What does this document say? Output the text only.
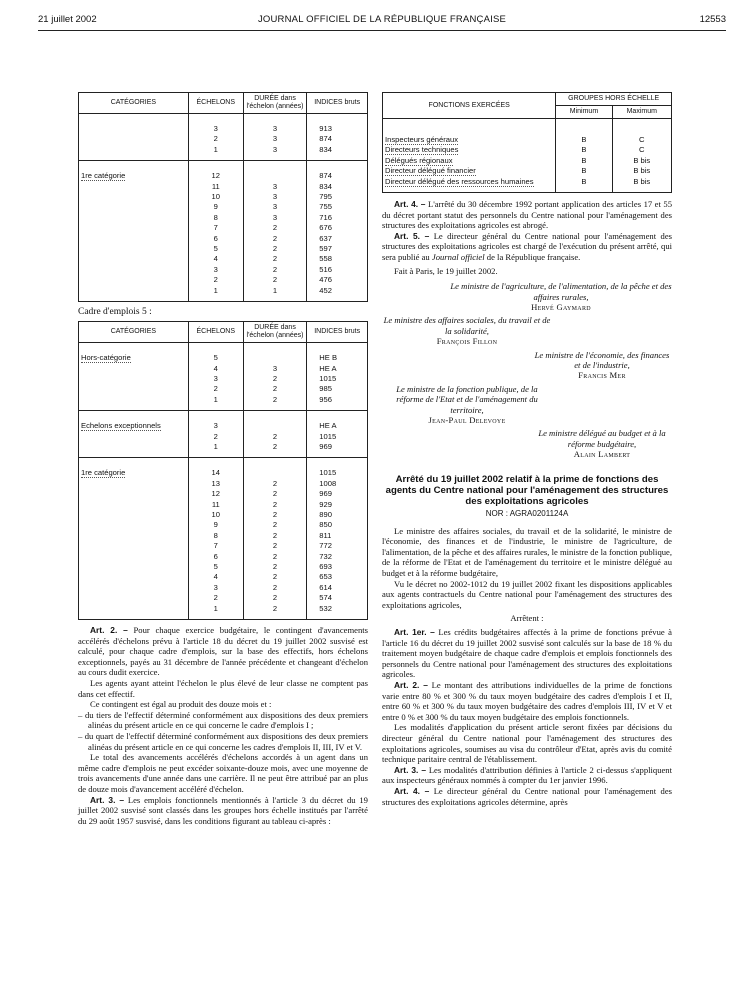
21 juillet 2002	JOURNAL OFFICIEL DE LA RÉPUBLIQUE FRANÇAISE	12553
CATÉGORIES	ÉCHELONS	DURÉE dans l'échelon (années)	INDICES bruts

	3	3	913
	2	3	874
	1	3	834

1re catégorie	12		874
	11	3	834
	10	3	795
	9	3	755
	8	3	716
	7	2	676
	6	2	637
	5	2	597
	4	2	558
	3	2	516
	2	2	476
	1	1	452

Cadre d'emplois 5 :
CATÉGORIES	ÉCHELONS	DURÉE dans l'échelon (années)	INDICES bruts

Hors-catégorie	5		HE B
	4	3	HE A
	3	2	1015
	2	2	985
	1	2	956

Echelons exceptionnels	3		HE A
	2	2	1015
	1	2	969

1re catégorie	14		1015
	13	2	1008
	12	2	969
	11	2	929
	10	2	890
	9	2	850
	8	2	811
	7	2	772
	6	2	732
	5	2	693
	4	2	653
	3	2	614
	2	2	574
	1	2	532

Art. 2. – Pour chaque exercice budgétaire, le contingent d'avancements accélérés d'échelons prévu à l'article 18 du décret du 19 juillet 2002 susvisé est calculé, pour chaque cadre d'emplois, sur la base des effectifs, hors échelons exceptionnels, payés au 31 décembre de l'année précédente et changeant d'échelon au cours dudit exercice.

Les agents ayant atteint l'échelon le plus élevé de leur classe ne comptent pas dans cet effectif.

Ce contingent est égal au produit des douze mois et :

– du tiers de l'effectif déterminé conformément aux dispositions des deux premiers alinéas du présent article en ce qui concerne le cadre d'emplois I ;

– du quart de l'effectif déterminé conformément aux dispositions des deux premiers alinéas du présent article en ce qui concerne les cadres d'emplois II, III, IV et V.

Le total des avancements accélérés d'échelons accordés à un agent dans un même cadre d'emplois ne peut excéder soixante-douze mois, avec une moyenne de trois avancements d'une année dans une carrière. Il ne peut être attribué par an plus de douze mois d'avancement accéléré d'échelon.

Art. 3. – Les emplois fonctionnels mentionnés à l'article 3 du décret du 19 juillet 2002 susvisé sont classés dans les groupes hors échelle institués par l'arrêté du 29 août 1957 susvisé, dans les conditions figurant au tableau ci-après :

FONCTIONS EXERCÉES	GROUPES HORS ÉCHELLE	
	Minimum	Maximum

Inspecteurs généraux	B	C
Directeurs techniques	B	C
Délégués régionaux	B	B bis
Directeur délégué financier	B	B bis
Directeur délégué des ressources humaines	B	B bis

Art. 4. – L'arrêté du 30 décembre 1992 portant application des articles 17 et 55 du décret portant statut des personnels du Centre national pour l'aménagement des structures des exploitations agricoles est abrogé.

Art. 5. – Le directeur général du Centre national pour l'aménagement des structures des exploitations agricoles est chargé de l'exécution du présent arrêté, qui sera publié au Journal officiel de la République française.

Fait à Paris, le 19 juillet 2002.

Le ministre de l'agriculture, de l'alimentation, de la pêche et des affaires rurales,
Hervé Gaymard
Le ministre des affaires sociales, du travail et de la solidarité,
François Fillon
Le ministre de l'économie, des finances et de l'industrie,
Francis Mer
Le ministre de la fonction publique, de la réforme de l'Etat et de l'aménagement du territoire,
Jean-Paul Delevoye
Le ministre délégué au budget et à la réforme budgétaire,
Alain Lambert
Arrêté du 19 juillet 2002 relatif à la prime de fonctions des agents du Centre national pour l'aménagement des structures des exploitations agricoles
NOR : AGRA0201124A

Le ministre des affaires sociales, du travail et de la solidarité, le ministre de l'économie, des finances et de l'industrie, le ministre de l'agriculture, de l'alimentation, de la pêche et des affaires rurales, le ministre de la fonction publique, de la réforme de l'Etat et de l'aménagement du territoire et le ministre délégué au budget et à la réforme budgétaire,

Vu le décret no 2002-1012 du 19 juillet 2002 fixant les dispositions applicables aux agents contractuels du Centre national pour l'aménagement des structures des exploitations agricoles,

Arrêtent :

Art. 1er. – Les crédits budgétaires affectés à la prime de fonctions prévue à l'article 16 du décret du 19 juillet 2002 susvisé sont calculés sur la base de 18 % du traitement moyen budgétaire de chaque cadre d'emplois et emplois fonctionnels des personnels du Centre national pour l'aménagement des structures des exploitations agricoles.

Art. 2. – Le montant des attributions individuelles de la prime de fonctions varie entre 80 % et 300 % du taux moyen budgétaire des cadres d'emplois I et II, entre 60 % et 300 % du taux moyen budgétaire des cadres d'emplois III, IV et V et entre 0 % et 300 % du taux moyen budgétaire des emplois fonctionnels.

Les modalités d'application du présent article seront fixées par décisions du directeur général du Centre national pour l'aménagement des structures des exploitations agricoles, soumises au visa du contrôleur d'Etat, après avis du comité technique paritaire central de l'établissement.

Art. 3. – Les modalités d'attribution définies à l'article 2 ci-dessus s'appliquent aux inspecteurs généraux nommés à compter du 1er janvier 1996.

Art. 4. – Le directeur général du Centre national pour l'aménagement des structures des exploitations agricoles détermine, après
